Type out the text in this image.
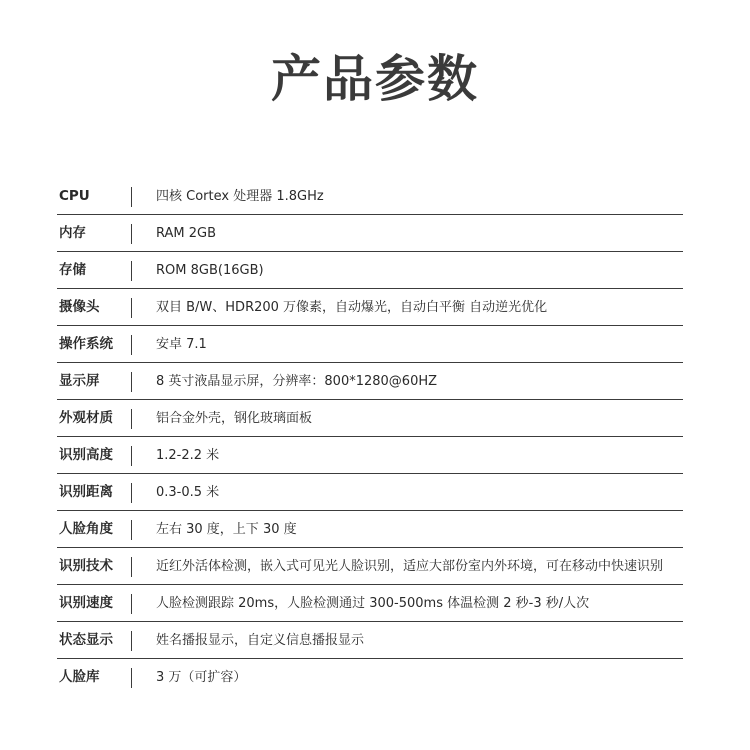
产品参数
CPU	四核 Cortex 处理器 1.8GHz
内存	RAM 2GB
存储	ROM 8GB(16GB)
摄像头	双目 B/W、HDR200 万像素，自动爆光，自动白平衡 自动逆光优化
操作系统	安卓 7.1
显示屏	8 英寸液晶显示屏，分辨率：800*1280@60HZ
外观材质	铝合金外壳，钢化玻璃面板
识别高度	1.2-2.2 米
识别距离	0.3-0.5 米
人脸角度	左右 30 度，上下 30 度
识别技术	近红外活体检测，嵌入式可见光人脸识别，适应大部份室内外环境，可在移动中快速识别
识别速度	人脸检测跟踪 20ms，人脸检测通过 300-500ms 体温检测 2 秒-3 秒/人次
状态显示	姓名播报显示，自定义信息播报显示
人脸库	3 万（可扩容）
